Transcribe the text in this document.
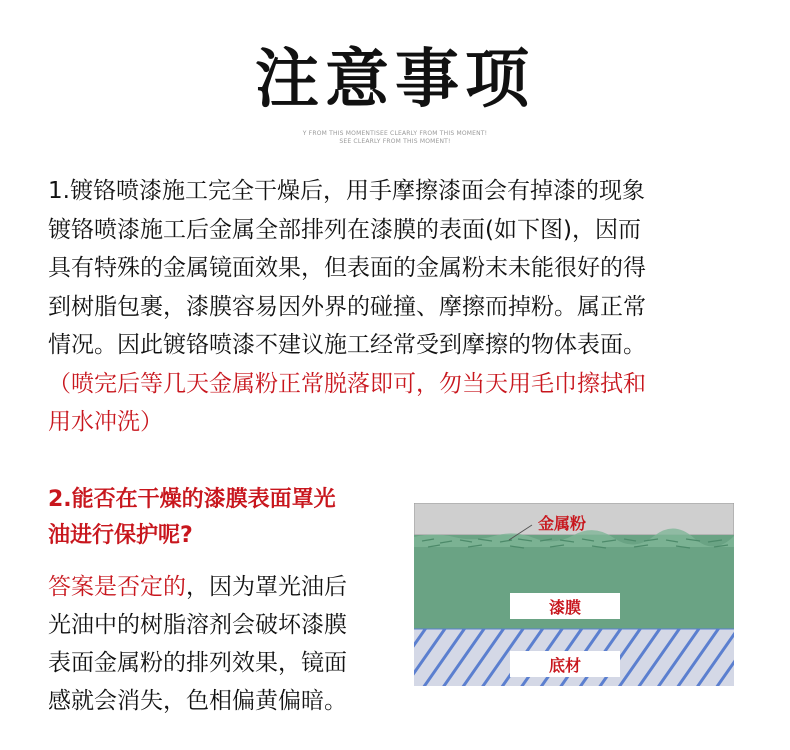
注意事项
Y FROM THIS MOMENTISEE CLEARLY FROM THIS MOMENT!
SEE CLEARLY FROM THIS MOMENT!

1.镀铬喷漆施工完全干燥后，用手摩擦漆面会有掉漆的现象

镀铬喷漆施工后金属全部排列在漆膜的表面(如下图)，因而

具有特殊的金属镜面效果，但表面的金属粉末未能很好的得

到树脂包裹，漆膜容易因外界的碰撞、摩擦而掉粉。属正常

情况。因此镀铬喷漆不建议施工经常受到摩擦的物体表面。

（喷完后等几天金属粉正常脱落即可，勿当天用毛巾擦拭和

用水冲洗）

2.能否在干燥的漆膜表面罩光

油进行保护呢?

答案是否定的，因为罩光油后

光油中的树脂溶剂会破坏漆膜

表面金属粉的排列效果，镜面

感就会消失，色相偏黄偏暗。

金属粉
漆膜
底材
